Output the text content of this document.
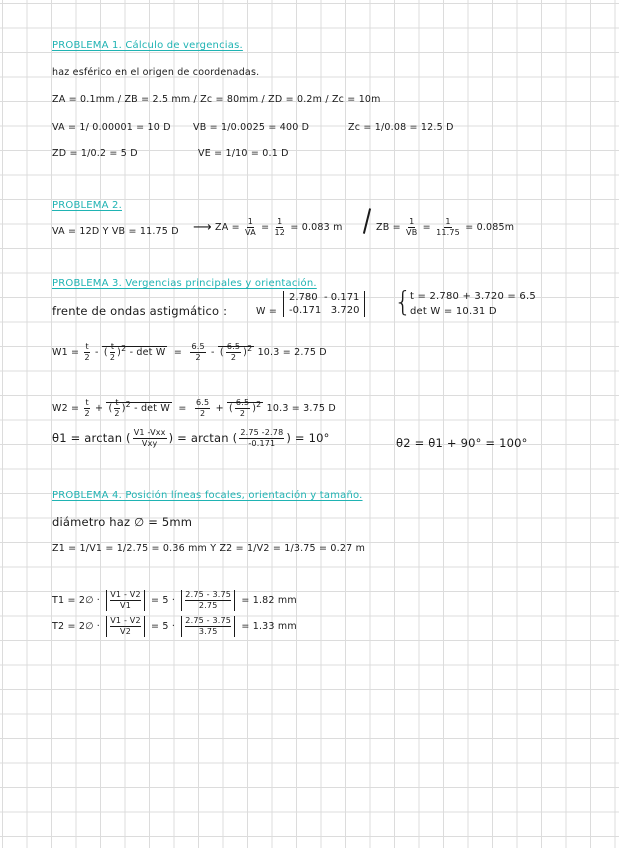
PROBLEMA 1. Cálculo de vergencias.
haz esférico en el origen de coordenadas.
ZA = 0.1mm / ZB = 2.5 mm / Zc = 80mm / ZD = 0.2m / Zc = 10m
VA = 1/ 0.00001 = 10 D VB = 1/0.0025 = 400 D	Zc = 1/0.08 = 12.5 D
ZD = 1/0.2 = 5 D	VE = 1/10 = 0.1 D
PROBLEMA 2.
VA = 12D Y VB = 11.75 D ⟶ ZA = $\frac{1}{VA} = \frac{1}{12} = 0.083$ m	ZB = $\frac{1}{VB} = \frac{1}{11.75} = 0.085m$
PROBLEMA 3. Vergencias principales y orientación.
frente de ondas astigmático :	W =
2.780 - 0.171
-0.171 3.720 {
t = 2.780 + 3.720 = 6.5
det W = 10.31 D
$W1 = \frac{t}{2}$ - ( $\frac{t}{2} )^2 - \det W = \frac{6.5}{2}$ - ( $\frac{6.5}{2} )^2$ 10.3 = 2.75 D
$W2 = \frac{t}{2}$ + ( $\frac{t}{2} )^2 - \det W = \frac{6.5}{2}$ + ( $\frac{6.5}{2} )^2$ 10.3 = 3.75 D
θ1 = arctan ( $\frac{\text{V1 -Vxx}}{\text{Vxy}}$ ) = arctan ( $\frac{2.75 -2.78}{-0.171}$ ) = 10°	θ2 = θ1 + 90° = 100°
PROBLEMA 4. Posición líneas focales, orientación y tamaño.
diámetro haz ∅ = 5mm
Z1 = 1/V1 = 1/2.75 = 0.36 mm Y Z2 = 1/V2 = 1/3.75 = 0.27 m
T1 = 2∅ · $\frac{V1 - V2}{V1} = 5 \cdot \frac{2.75 - 3.75}{2.75} = 1.82$ mm
T2 = 2∅ · $\frac{V1 - V2}{V2} = 5 \cdot \frac{2.75 - 3.75}{3.75} = 1.33$ mm
